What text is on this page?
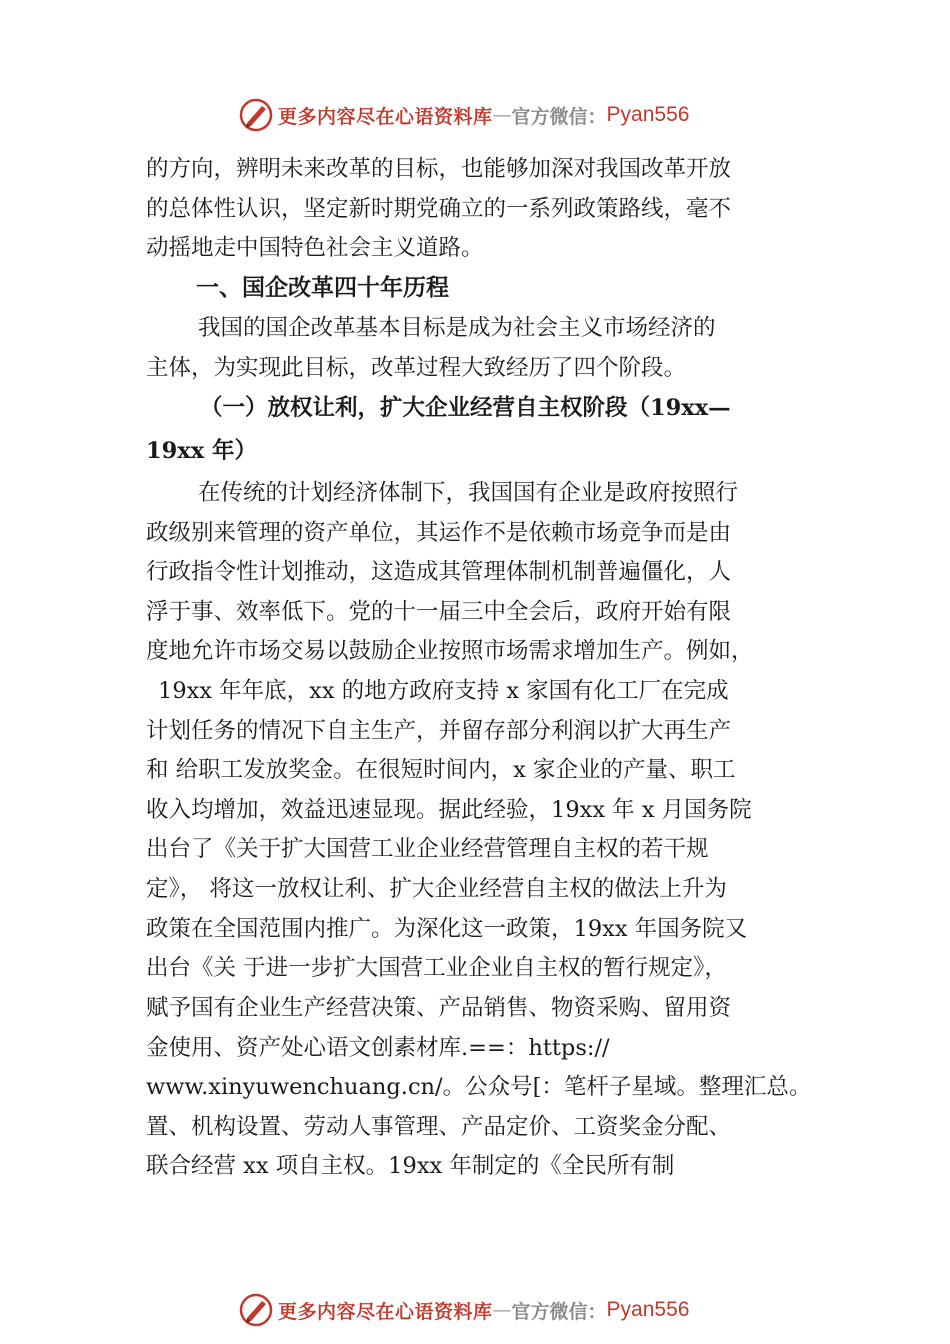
更多内容尽在心语资料库 — 官方微信： Pyan556
的方向，辨明未来改革的目标，也能够加深对我国改革开放
的总体性认识，坚定新时期党确立的一系列政策路线，毫不
动摇地走中国特色社会主义道路。
一、国企改革四十年历程
我国的国企改革基本目标是成为社会主义市场经济的
主体，为实现此目标，改革过程大致经历了四个阶段。
（一）放权让利，扩大企业经营自主权阶段（19xx—
19xx 年）
在传统的计划经济体制下，我国国有企业是政府按照行
政级别来管理的资产单位，其运作不是依赖市场竞争而是由
行政指令性计划推动，这造成其管理体制机制普遍僵化，人
浮于事、效率低下。党的十一届三中全会后，政府开始有限
度地允许市场交易以鼓励企业按照市场需求增加生产。例如，
19xx 年年底，xx 的地方政府支持 x 家国有化工厂在完成
计划任务的情况下自主生产，并留存部分利润以扩大再生产
和 给职工发放奖金。在很短时间内，x 家企业的产量、职工
收入均增加，效益迅速显现。据此经验，19xx 年 x 月国务院
出台了《关于扩大国营工业企业经营管理自主权的若干规
定》， 将这一放权让利、扩大企业经营自主权的做法上升为
政策在全国范围内推广。为深化这一政策，19xx 年国务院又
出台《关 于进一步扩大国营工业企业自主权的暂行规定》，
赋予国有企业生产经营决策、产品销售、物资采购、留用资
金使用、资产处心语文创素材库.==：https://
www.xinyuwenchuang.cn/。公众号[：笔杆子星域。整理汇总。
置、机构设置、劳动人事管理、产品定价、工资奖金分配、
联合经营 xx 项自主权。19xx 年制定的《全民所有制
更多内容尽在心语资料库 — 官方微信： Pyan556
